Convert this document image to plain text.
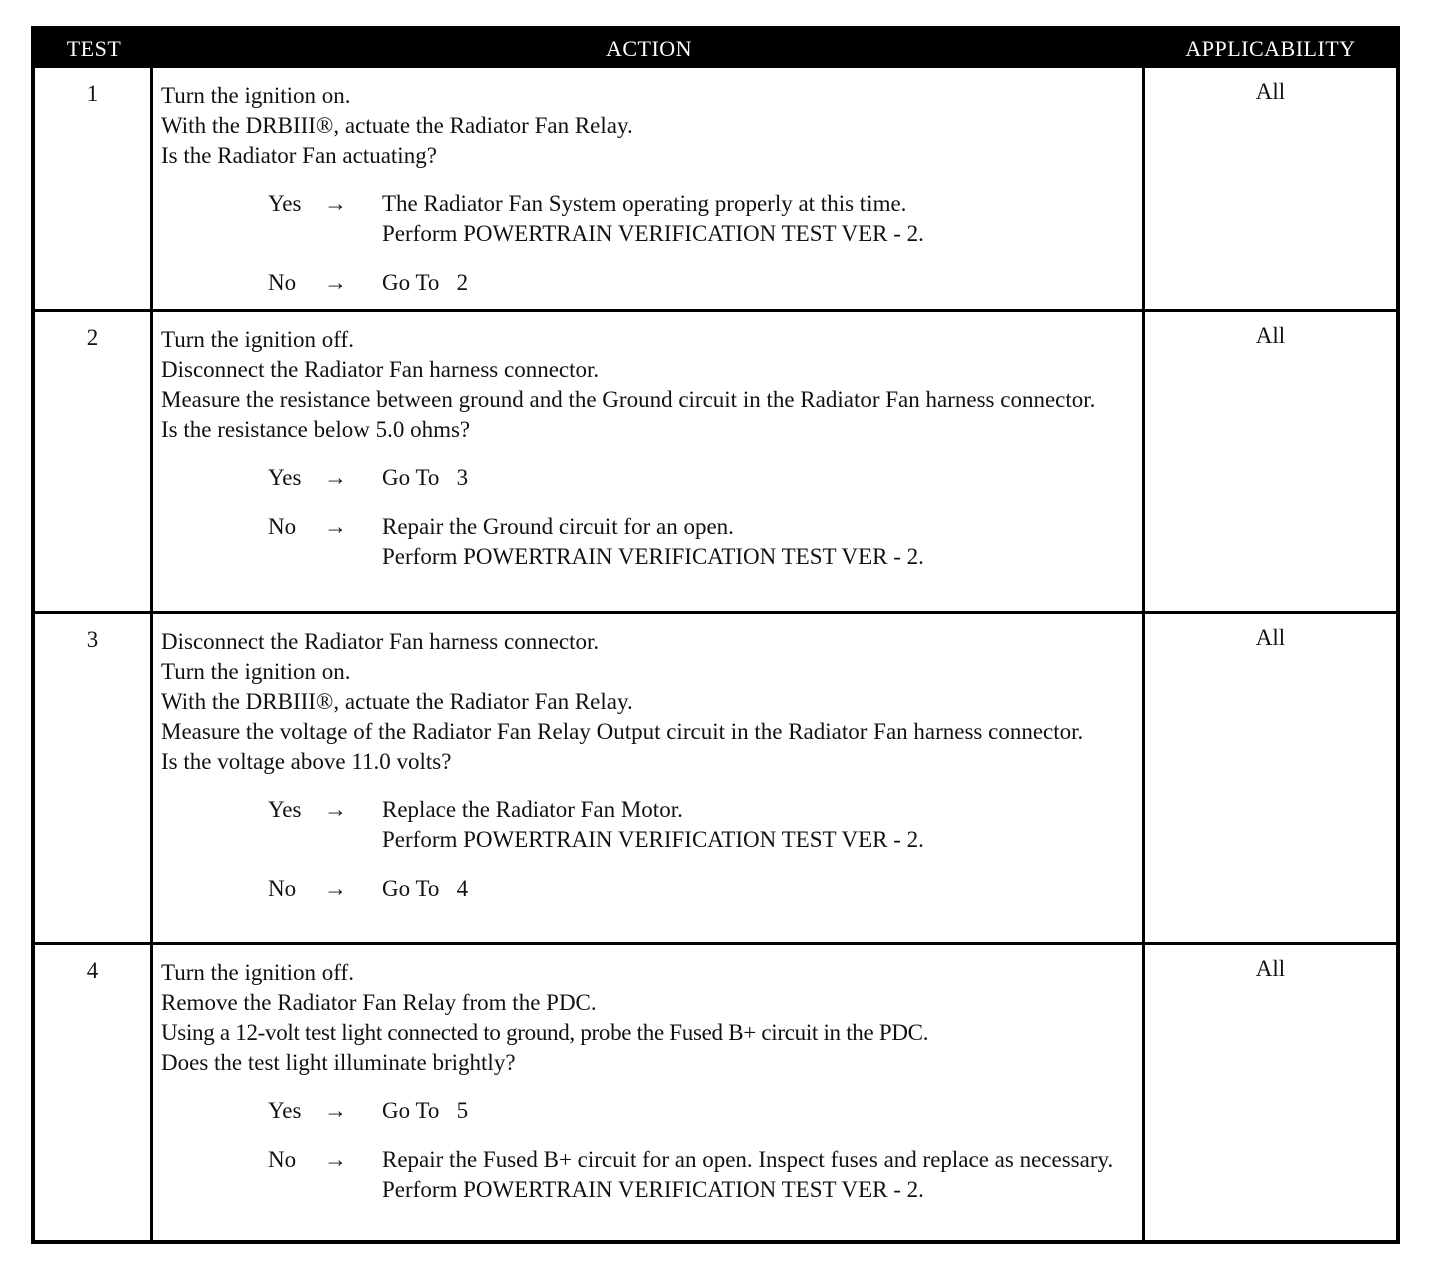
TEST	ACTION	APPLICABILITY
1	Turn the ignition on.
With the DRBIII®, actuate the Radiator Fan Relay.
Is the Radiator Fan actuating?
Yes →	The Radiator Fan System operating properly at this time.
Perform POWERTRAIN VERIFICATION TEST VER - 2.
No	→	Go To   2
All
2	Turn the ignition off.
Disconnect the Radiator Fan harness connector.
Measure the resistance between ground and the Ground circuit in the Radiator Fan harness connector.
Is the resistance below 5.0 ohms?
Yes →	Go To   3
No	→	Repair the Ground circuit for an open.
Perform POWERTRAIN VERIFICATION TEST VER - 2.
All
3	Disconnect the Radiator Fan harness connector.
Turn the ignition on.
With the DRBIII®, actuate the Radiator Fan Relay.
Measure the voltage of the Radiator Fan Relay Output circuit in the Radiator Fan harness connector.
Is the voltage above 11.0 volts?
Yes →	Replace the Radiator Fan Motor.
Perform POWERTRAIN VERIFICATION TEST VER - 2.
No	→	Go To   4
All
4	Turn the ignition off.
Remove the Radiator Fan Relay from the PDC.
Using a 12-volt test light connected to ground, probe the Fused B+ circuit in the PDC.
Does the test light illuminate brightly?
Yes →	Go To   5
No	→	Repair the Fused B+ circuit for an open. Inspect fuses and replace as necessary.
Perform POWERTRAIN VERIFICATION TEST VER - 2.
All
